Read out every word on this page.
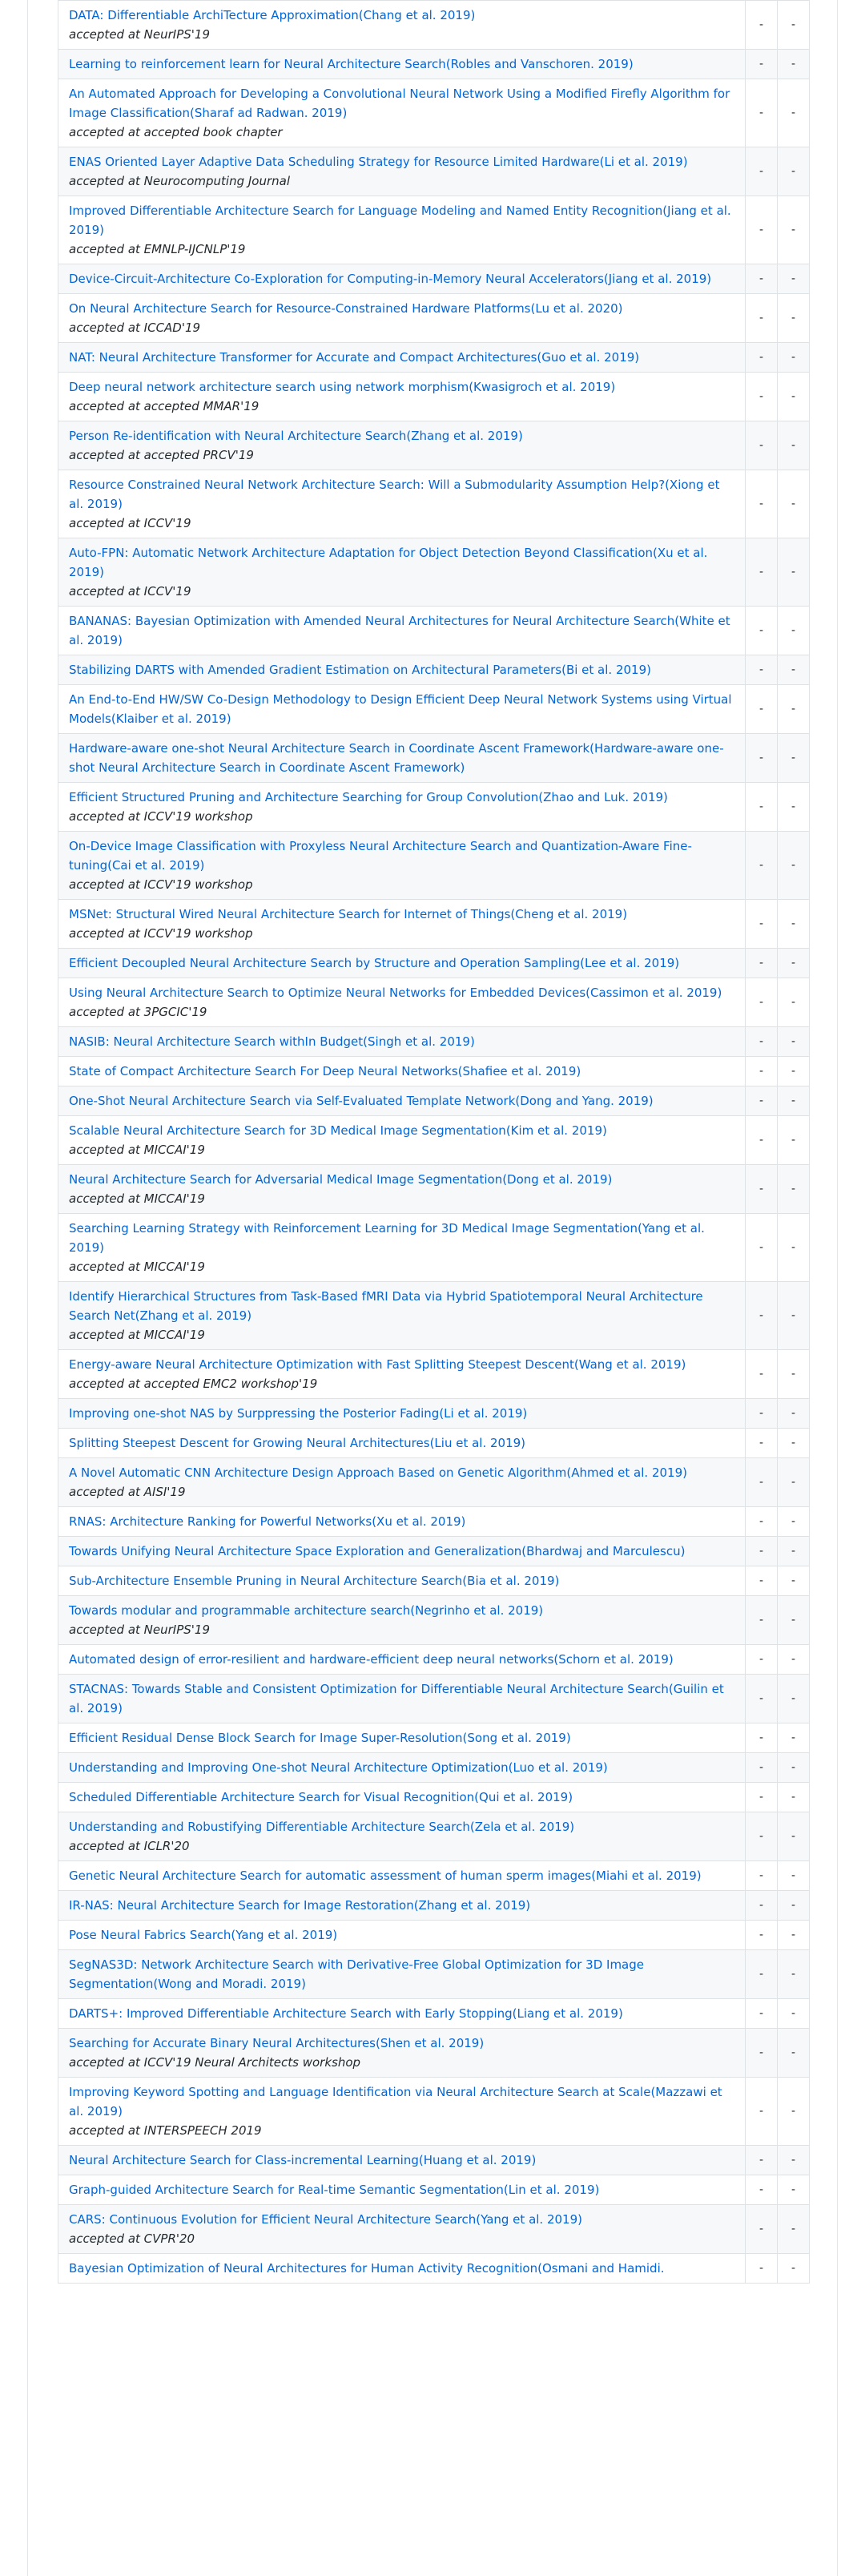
DATA: Differentiable ArchiTecture Approximation(Chang et al. 2019)
accepted at NeurIPS'19	-	-
Learning to reinforcement learn for Neural Architecture Search(Robles and Vanschoren. 2019)	-	-
An Automated Approach for Developing a Convolutional Neural Network Using a Modified Firefly Algorithm for Image Classification(Sharaf ad Radwan. 2019)
accepted at accepted book chapter	-	-
ENAS Oriented Layer Adaptive Data Scheduling Strategy for Resource Limited Hardware(Li et al. 2019)
accepted at Neurocomputing Journal	-	-
Improved Differentiable Architecture Search for Language Modeling and Named Entity Recognition(Jiang et al. 2019)
accepted at EMNLP-IJCNLP'19	-	-
Device-Circuit-Architecture Co-Exploration for Computing-in-Memory Neural Accelerators(Jiang et al. 2019)	-	-
On Neural Architecture Search for Resource-Constrained Hardware Platforms(Lu et al. 2020)
accepted at ICCAD'19	-	-
NAT: Neural Architecture Transformer for Accurate and Compact Architectures(Guo et al. 2019)	-	-
Deep neural network architecture search using network morphism(Kwasigroch et al. 2019)
accepted at accepted MMAR'19	-	-
Person Re-identification with Neural Architecture Search(Zhang et al. 2019)
accepted at accepted PRCV'19	-	-
Resource Constrained Neural Network Architecture Search: Will a Submodularity Assumption Help?(Xiong et al. 2019)
accepted at ICCV'19	-	-
Auto-FPN: Automatic Network Architecture Adaptation for Object Detection Beyond Classification(Xu et al. 2019)
accepted at ICCV'19	-	-
BANANAS: Bayesian Optimization with Amended Neural Architectures for Neural Architecture Search(White et al. 2019)	-	-
Stabilizing DARTS with Amended Gradient Estimation on Architectural Parameters(Bi et al. 2019)	-	-
An End-to-End HW/SW Co-Design Methodology to Design Efficient Deep Neural Network Systems using Virtual Models(Klaiber et al. 2019)	-	-
Hardware-aware one-shot Neural Architecture Search in Coordinate Ascent Framework(Hardware-aware one-shot Neural Architecture Search in Coordinate Ascent Framework)	-	-
Efficient Structured Pruning and Architecture Searching for Group Convolution(Zhao and Luk. 2019)
accepted at ICCV'19 workshop	-	-
On-Device Image Classification with Proxyless Neural Architecture Search and Quantization-Aware Fine-tuning(Cai et al. 2019)
accepted at ICCV'19 workshop	-	-
MSNet: Structural Wired Neural Architecture Search for Internet of Things(Cheng et al. 2019)
accepted at ICCV'19 workshop	-	-
Efficient Decoupled Neural Architecture Search by Structure and Operation Sampling(Lee et al. 2019)	-	-
Using Neural Architecture Search to Optimize Neural Networks for Embedded Devices(Cassimon et al. 2019)
accepted at 3PGCIC'19	-	-
NASIB: Neural Architecture Search withIn Budget(Singh et al. 2019)	-	-
State of Compact Architecture Search For Deep Neural Networks(Shafiee et al. 2019)	-	-
One-Shot Neural Architecture Search via Self-Evaluated Template Network(Dong and Yang. 2019)	-	-
Scalable Neural Architecture Search for 3D Medical Image Segmentation(Kim et al. 2019)
accepted at MICCAI'19	-	-
Neural Architecture Search for Adversarial Medical Image Segmentation(Dong et al. 2019)
accepted at MICCAI'19	-	-
Searching Learning Strategy with Reinforcement Learning for 3D Medical Image Segmentation(Yang et al. 2019)
accepted at MICCAI'19	-	-
Identify Hierarchical Structures from Task-Based fMRI Data via Hybrid Spatiotemporal Neural Architecture Search Net(Zhang et al. 2019)
accepted at MICCAI'19	-	-
Energy-aware Neural Architecture Optimization with Fast Splitting Steepest Descent(Wang et al. 2019)
accepted at accepted EMC2 workshop'19	-	-
Improving one-shot NAS by Surppressing the Posterior Fading(Li et al. 2019)	-	-
Splitting Steepest Descent for Growing Neural Architectures(Liu et al. 2019)	-	-
A Novel Automatic CNN Architecture Design Approach Based on Genetic Algorithm(Ahmed et al. 2019)
accepted at AISI'19	-	-
RNAS: Architecture Ranking for Powerful Networks(Xu et al. 2019)	-	-
Towards Unifying Neural Architecture Space Exploration and Generalization(Bhardwaj and Marculescu)	-	-
Sub-Architecture Ensemble Pruning in Neural Architecture Search(Bia et al. 2019)	-	-
Towards modular and programmable architecture search(Negrinho et al. 2019)
accepted at NeurIPS'19	-	-
Automated design of error-resilient and hardware-efficient deep neural networks(Schorn et al. 2019)	-	-
STACNAS: Towards Stable and Consistent Optimization for Differentiable Neural Architecture Search(Guilin et al. 2019)	-	-
Efficient Residual Dense Block Search for Image Super-Resolution(Song et al. 2019)	-	-
Understanding and Improving One-shot Neural Architecture Optimization(Luo et al. 2019)	-	-
Scheduled Differentiable Architecture Search for Visual Recognition(Qui et al. 2019)	-	-
Understanding and Robustifying Differentiable Architecture Search(Zela et al. 2019)
accepted at ICLR'20	-	-
Genetic Neural Architecture Search for automatic assessment of human sperm images(Miahi et al. 2019)	-	-
IR-NAS: Neural Architecture Search for Image Restoration(Zhang et al. 2019)	-	-
Pose Neural Fabrics Search(Yang et al. 2019)	-	-
SegNAS3D: Network Architecture Search with Derivative-Free Global Optimization for 3D Image Segmentation(Wong and Moradi. 2019)	-	-
DARTS+: Improved Differentiable Architecture Search with Early Stopping(Liang et al. 2019)	-	-
Searching for Accurate Binary Neural Architectures(Shen et al. 2019)
accepted at ICCV'19 Neural Architects workshop	-	-
Improving Keyword Spotting and Language Identification via Neural Architecture Search at Scale(Mazzawi et al. 2019)
accepted at INTERSPEECH 2019	-	-
Neural Architecture Search for Class-incremental Learning(Huang et al. 2019)	-	-
Graph-guided Architecture Search for Real-time Semantic Segmentation(Lin et al. 2019)	-	-
CARS: Continuous Evolution for Efficient Neural Architecture Search(Yang et al. 2019)
accepted at CVPR'20	-	-
Bayesian Optimization of Neural Architectures for Human Activity Recognition(Osmani and Hamidi.	-	-
